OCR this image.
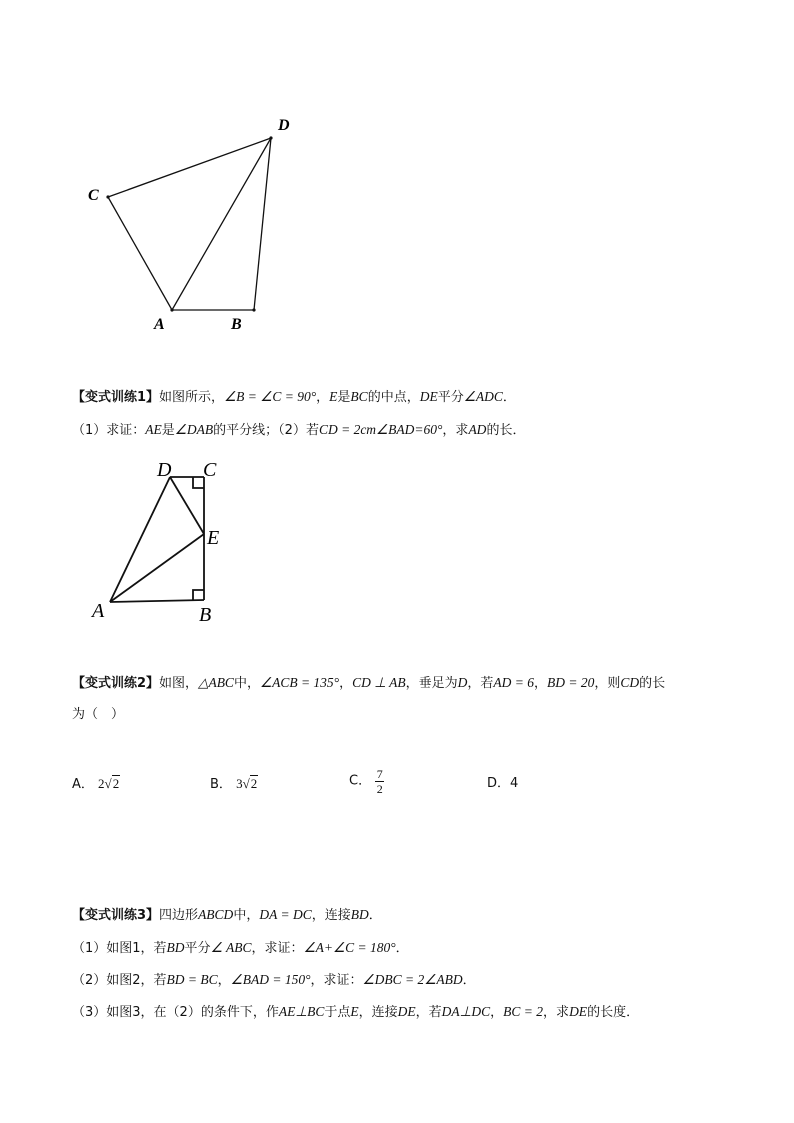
D
C
A	B
【变式训练1】如图所示，∠B = ∠C = 90°，E是BC的中点，DE平分∠ADC．
（1）求证：AE是∠DAB的平分线；（2）若CD = 2cm∠BAD=60°，求AD的长．
D C
E
A	B
【变式训练2】如图，△ABC中，∠ACB = 135°，CD ⊥ AB，垂足为D，若AD = 6，BD = 20，则CD的长
为（　）
A． 2√2	B． 3√2	C． $\frac{7}{2}$	D．4
【变式训练3】四边形ABCD中，DA = DC，连接BD．
（1）如图1，若BD平分∠ ABC，求证：∠A+∠C = 180°．
（2）如图2，若BD = BC，∠BAD = 150°，求证：∠DBC = 2∠ABD．
（3）如图3，在（2）的条件下，作AE⊥BC于点E，连接DE，若DA⊥DC，BC = 2，求DE的长度．
